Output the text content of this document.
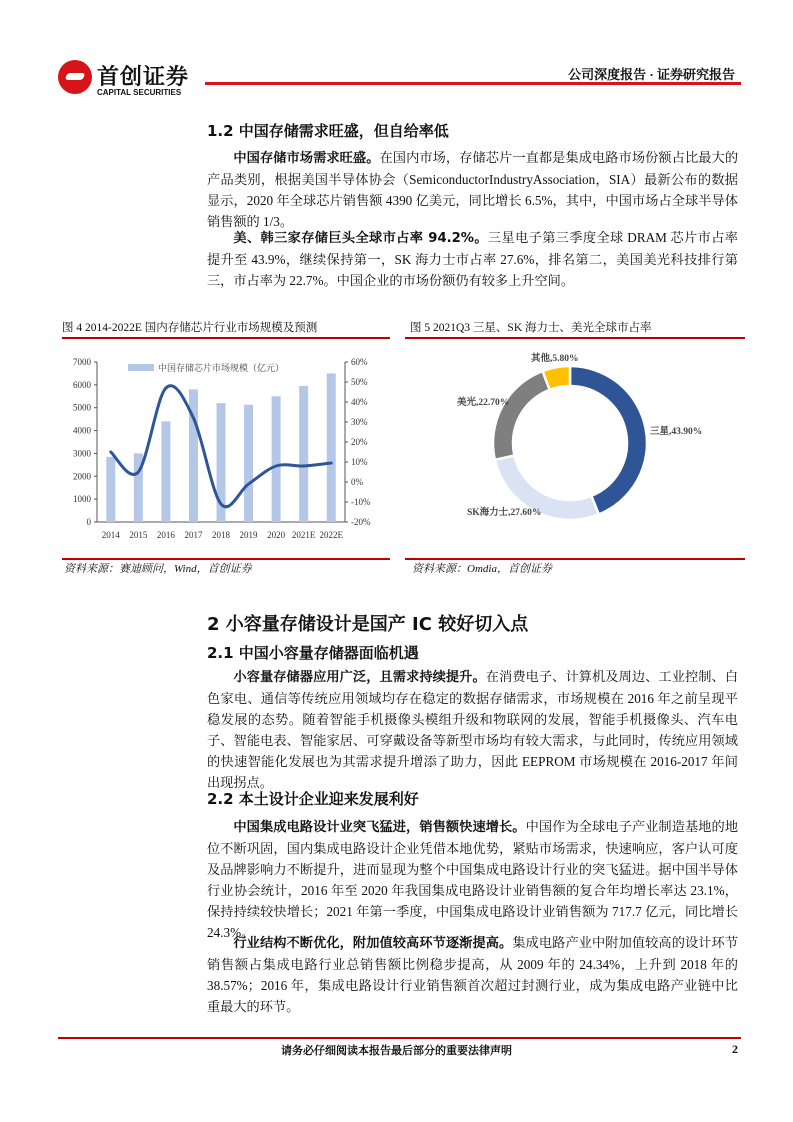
首创证券
CAPITAL SECURITIES
公司深度报告 · 证券研究报告
1.2 中国存储需求旺盛，但自给率低

中国存储市场需求旺盛。在国内市场，存储芯片一直都是集成电路市场份额占比最大的产品类别，根据美国半导体协会（SemiconductorIndustryAssociation，SIA）最新公布的数据显示，2020 年全球芯片销售额 4390 亿美元，同比增长 6.5%，其中，中国市场占全球半导体销售额的 1/3。

美、韩三家存储巨头全球市占率 94.2%。三星电子第三季度全球 DRAM 芯片市占率提升至 43.9%，继续保持第一，SK 海力士市占率 27.6%，排名第二，美国美光科技排行第三，市占率为 22.7%。中国企业的市场份额仍有较多上升空间。

图 4 2014-2022E 国内存储芯片行业市场规模及预测
0
1000
2000
3000
4000
5000
6000
7000
-20%
-10%
0%
10%
20%
30%
40%
50%
60%
2014 2015 2016 2017 2018 2019 2020 2021E 2022E
中国存储芯片市场规模（亿元）
资料来源：赛迪顾问，Wind，首创证券
图 5 2021Q3 三星、SK 海力士、美光全球市占率
三星,43.90%
SK海力士,27.60%
美光,22.70%
其他,5.80%
资料来源：Omdia，首创证券
2 小容量存储设计是国产 IC 较好切入点
2.1 中国小容量存储器面临机遇

小容量存储器应用广泛，且需求持续提升。在消费电子、计算机及周边、工业控制、白色家电、通信等传统应用领域均存在稳定的数据存储需求，市场规模在 2016 年之前呈现平稳发展的态势。随着智能手机摄像头模组升级和物联网的发展，智能手机摄像头、汽车电子、智能电表、智能家居、可穿戴设备等新型市场均有较大需求，与此同时，传统应用领域的快速智能化发展也为其需求提升增添了助力，因此 EEPROM 市场规模在 2016-2017 年间出现拐点。

2.2 本土设计企业迎来发展利好

中国集成电路设计业突飞猛进，销售额快速增长。中国作为全球电子产业制造基地的地位不断巩固，国内集成电路设计企业凭借本地优势，紧贴市场需求，快速响应，客户认可度及品牌影响力不断提升，进而显现为整个中国集成电路设计行业的突飞猛进。据中国半导体行业协会统计，2016 年至 2020 年我国集成电路设计业销售额的复合年均增长率达 23.1%，保持持续较快增长；2021 年第一季度，中国集成电路设计业销售额为 717.7 亿元，同比增长 24.3%。

行业结构不断优化，附加值较高环节逐渐提高。集成电路产业中附加值较高的设计环节销售额占集成电路行业总销售额比例稳步提高，从 2009 年的 24.34%，上升到 2018 年的 38.57%；2016 年，集成电路设计行业销售额首次超过封测行业，成为集成电路产业链中比重最大的环节。

请务必仔细阅读本报告最后部分的重要法律声明	2
